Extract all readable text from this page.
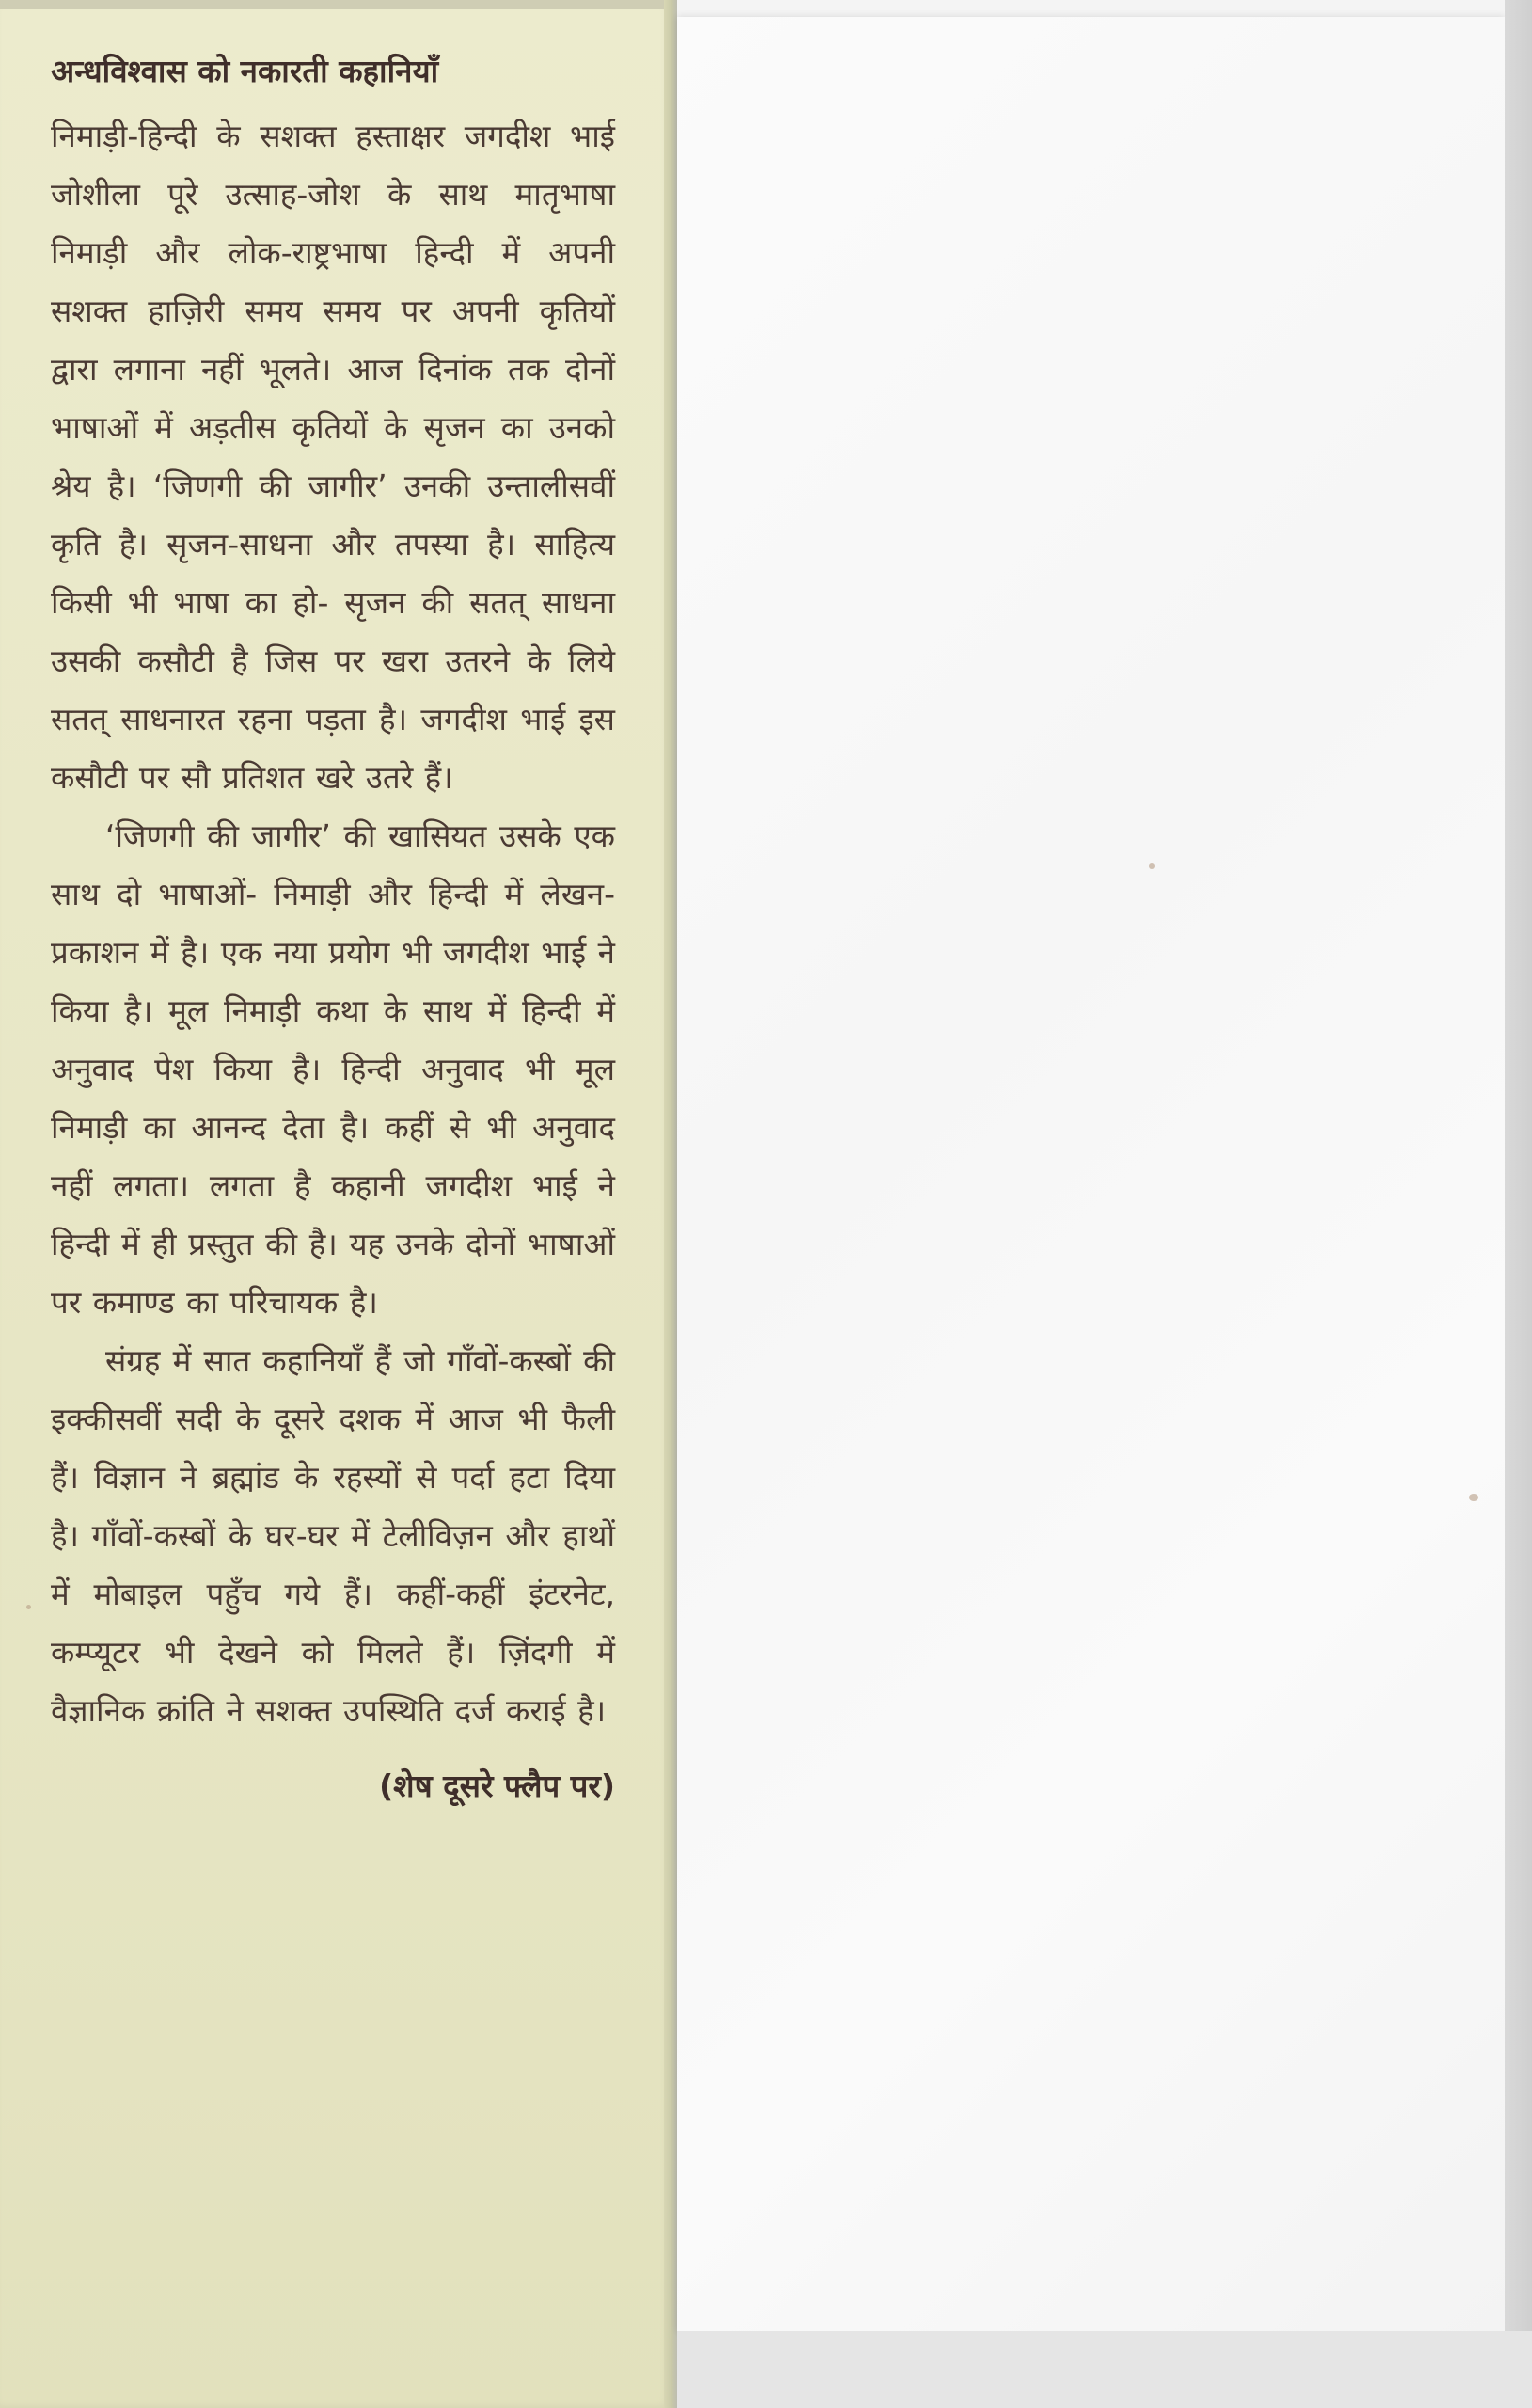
अन्धविश्वास को नकारती कहानियाँ

निमाड़ी-हिन्दी के सशक्त हस्ताक्षर जगदीश भाई जोशीला पूरे उत्साह-जोश के साथ मातृभाषा निमाड़ी और लोक-राष्ट्रभाषा हिन्दी में अपनी सशक्त हाज़िरी समय समय पर अपनी कृतियों द्वारा लगाना नहीं भूलते। आज दिनांक तक दोनों भाषाओं में अड़तीस कृतियों के सृजन का उनको श्रेय है। ‘जिणगी की जागीर’ उनकी उन्तालीसवीं कृति है। सृजन-साधना और तपस्या है। साहित्य किसी भी भाषा का हो- सृजन की सतत् साधना उसकी कसौटी है जिस पर खरा उतरने के लिये सतत् साधनारत रहना पड़ता है। जगदीश भाई इस कसौटी पर सौ प्रतिशत खरे उतरे हैं।

‘जिणगी की जागीर’ की खासियत उसके एक साथ दो भाषाओं- निमाड़ी और हिन्दी में लेखन-प्रकाशन में है। एक नया प्रयोग भी जगदीश भाई ने किया है। मूल निमाड़ी कथा के साथ में हिन्दी में अनुवाद पेश किया है। हिन्दी अनुवाद भी मूल निमाड़ी का आनन्द देता है। कहीं से भी अनुवाद नहीं लगता। लगता है कहानी जगदीश भाई ने हिन्दी में ही प्रस्तुत की है। यह उनके दोनों भाषाओं पर कमाण्ड का परिचायक है।

संग्रह में सात कहानियाँ हैं जो गाँवों-कस्बों की इक्कीसवीं सदी के दूसरे दशक में आज भी फैली हैं। विज्ञान ने ब्रह्मांड के रहस्यों से पर्दा हटा दिया है। गाँवों-कस्बों के घर-घर में टेलीविज़न और हाथों में मोबाइल पहुँच गये हैं। कहीं-कहीं इंटरनेट, कम्प्यूटर भी देखने को मिलते हैं। ज़िंदगी में वैज्ञानिक क्रांति ने सशक्त उपस्थिति दर्ज कराई है।

(शेष दूसरे फ्लैप पर)
